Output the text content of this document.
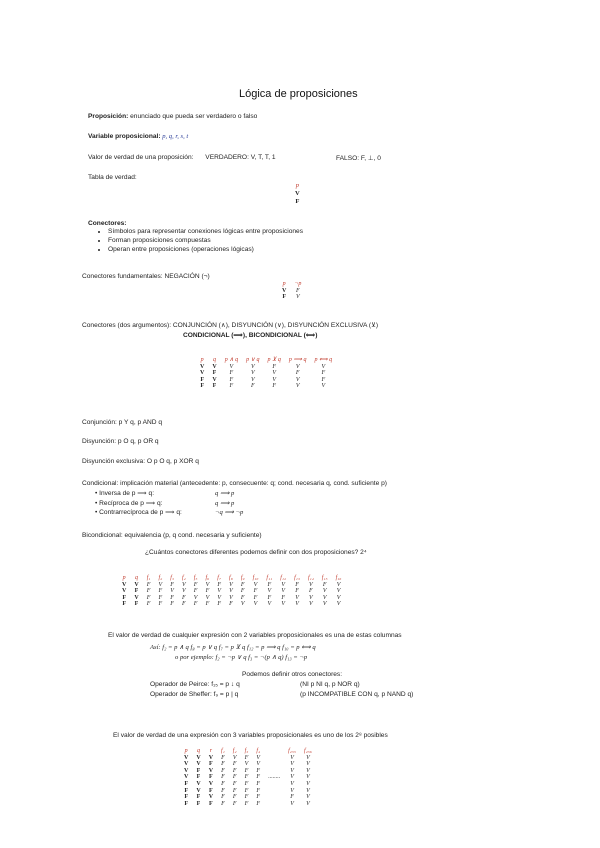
Lógica de proposiciones
Proposición: enunciado que pueda ser verdadero o falso
Variable proposicional: p, q, r, s, t
Valor de verdad de una proposición: VERDADERO: V, T, T, 1	FALSO: F, ⊥, 0
Tabla de verdad:
p
V
F
Conectores:
• Símbolos para representar conexiones lógicas entre proposiciones
• Forman proposiciones compuestas
• Operan entre proposiciones (operaciones lógicas)
Conectores fundamentales: NEGACIÓN (¬)
p	¬p
V	F
F	V
Conectores (dos argumentos): CONJUNCIÓN (∧), DISYUNCIÓN (∨), DISYUNCIÓN EXCLUSIVA (⊻)
CONDICIONAL (⟹), BICONDICIONAL (⟺)
p	q	p ∧ q	p ∨ q	p ⊻ q	p ⟹ q	p ⟺ q
V	V	V	V	F	V	V
V	F	F	V	V	F	F
F	V	F	V	V	V	F
F	F	F	F	F	V	V
Conjunción: p Y q, p AND q
Disyunción: p O q, p OR q
Disyunción exclusiva: O p O q, p XOR q
Condicional: implicación material (antecedente: p, consecuente: q; cond. necesaria q, cond. suficiente p)
• Inversa de p ⟹ q:
• Recíproca de p ⟹ q:
• Contrarrecíproca de p ⟹ q:
q ⟹ p
q ⟹ p
¬q ⟹ ¬p
Bicondicional: equivalencia (p, q cond. necesaria y suficiente)
¿Cuántos conectores diferentes podemos definir con dos proposiciones? 2⁴
p	q	f₁	f₂	f₃	f₄	f₅	f₆	f₇	f₈	f₉	f₁₀	f₁₁	f₁₂	f₁₃	f₁₄	f₁₅	f₁₆
V	V	F	V	F	V	F	V	F	V	F	V	F	V	F	V	F	V
V	F	F	F	V	V	F	F	V	V	F	F	V	V	F	F	V	V
F	V	F	F	F	F	V	V	V	V	F	F	F	F	V	V	V	V
F	F	F	F	F	F	F	F	F	F	V	V	V	V	V	V	V	V
El valor de verdad de cualquier expresión con 2 variables proposicionales es una de estas columnas
Así: f₂ = p ∧ q f₈ = p ∨ q f₇ = p ⊻ q f₁₂ = p ⟹ q f₁₀ = p ⟺ q
o por ejemplo: f₂ = ¬p ∨ q f₃ = ¬(p ∧ q) f₁₃ = ¬p
Podemos definir otros conectores:
Operador de Peirce: f₁₅ = p ↓ q	(NI p NI q, p NOR q)
Operador de Sheffer: f₉ = p | q	(p INCOMPATIBLE CON q, p NAND q)
El valor de verdad de una expresión con 3 variables proposicionales es uno de los 2⁸ posibles
p	q	r	f₁	f₂	f₃	f₄		f₂₅₅	f₂₅₆
V	V	V	F	V	F	V		V	V
V	V	F	F	F	V	V		V	V
V	F	V	F	F	F	F		V	V
V	F	F	F	F	F	F	........	V	V
F	V	V	F	F	F	F		V	V
F	V	F	F	F	F	F		V	V
F	F	V	F	F	F	F		F	V
F	F	F	F	F	F	F		V	V
